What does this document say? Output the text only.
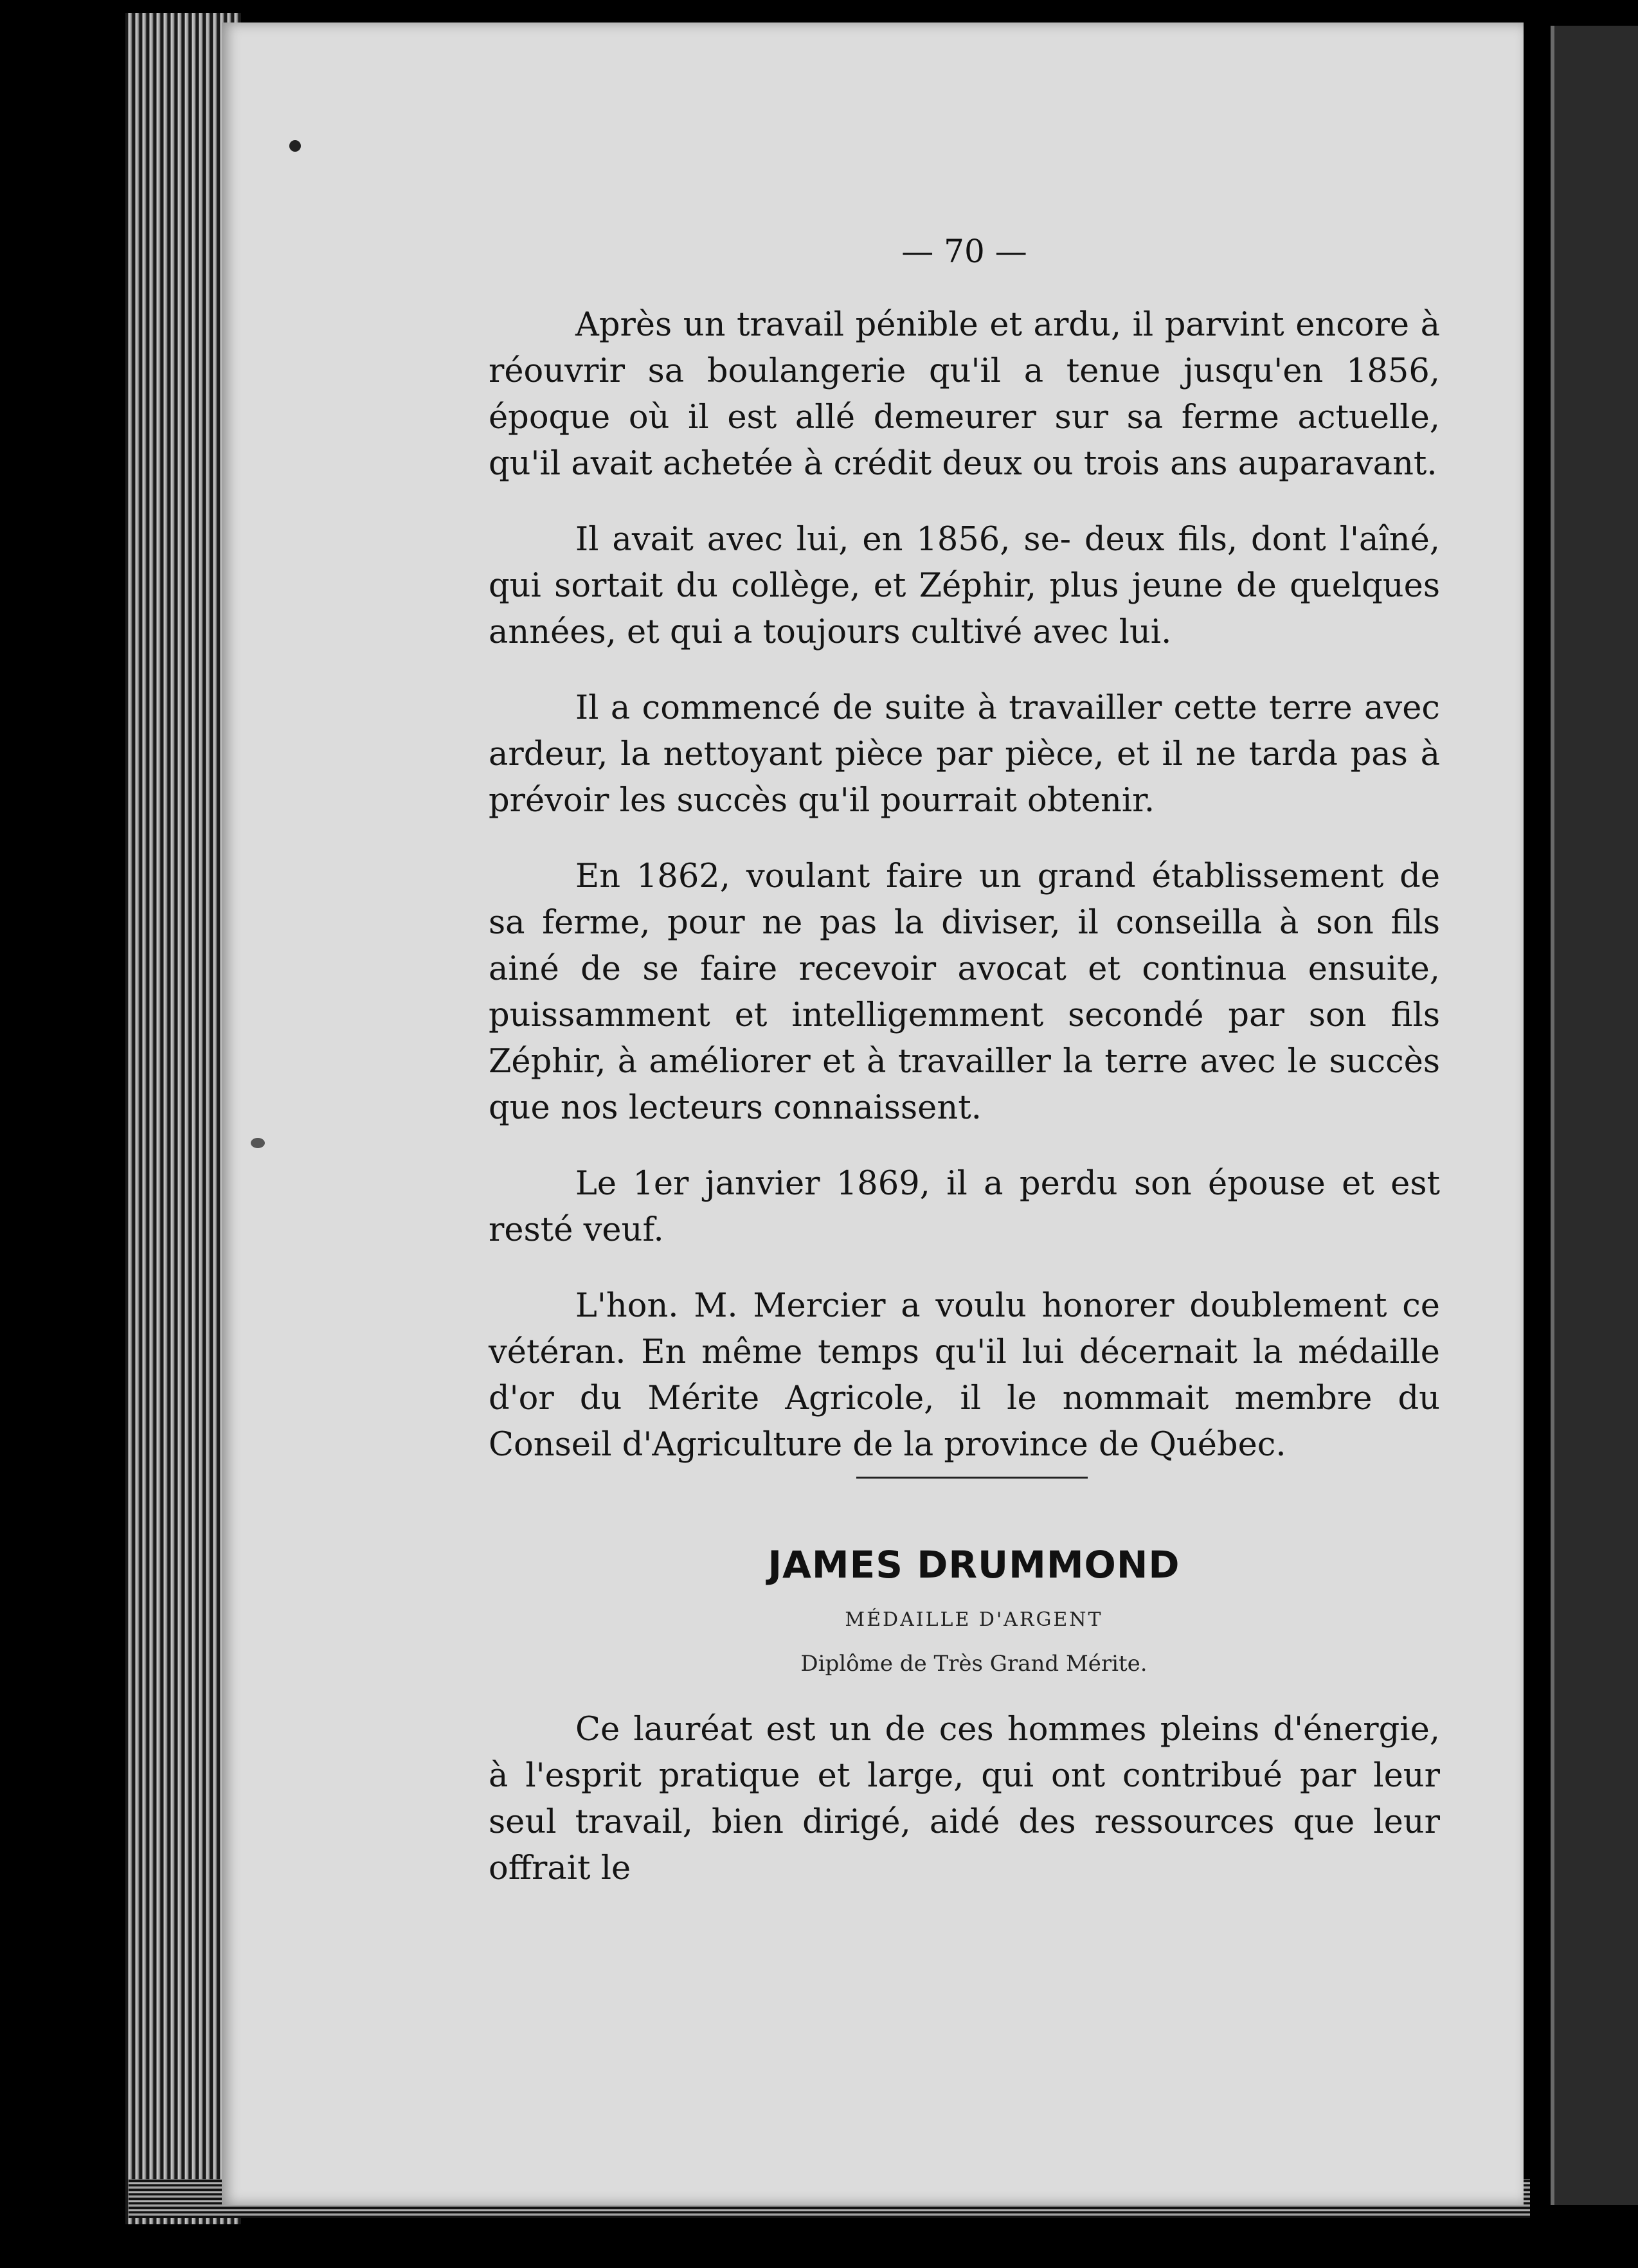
— 70 —

Après un travail pénible et ardu, il parvint encore à réouvrir sa boulangerie qu'il a tenue jusqu'en 1856, époque où il est allé demeurer sur sa ferme actuelle, qu'il avait achetée à crédit deux ou trois ans auparavant.

Il avait avec lui, en 1856, se- deux fils, dont l'aîné, qui sortait du collège, et Zéphir, plus jeune de quelques années, et qui a toujours cultivé avec lui.

Il a commencé de suite à travailler cette terre avec ardeur, la nettoyant pièce par pièce, et il ne tarda pas à prévoir les succès qu'il pourrait obtenir.

En 1862, voulant faire un grand établissement de sa ferme, pour ne pas la diviser, il conseilla à son fils ainé de se faire recevoir avocat et continua ensuite, puissamment et intelligemment secondé par son fils Zéphir, à améliorer et à travailler la terre avec le succès que nos lecteurs connaissent.

Le 1er janvier 1869, il a perdu son épouse et est resté veuf.

L'hon. M. Mercier a voulu honorer doublement ce vétéran. En même temps qu'il lui décernait la médaille d'or du Mérite Agricole, il le nommait membre du Conseil d'Agriculture de la province de Québec.

JAMES DRUMMOND
MÉDAILLE D'ARGENT
Diplôme de Très Grand Mérite.

Ce lauréat est un de ces hommes pleins d'énergie, à l'esprit pratique et large, qui ont contribué par leur seul travail, bien dirigé, aidé des ressources que leur offrait le
